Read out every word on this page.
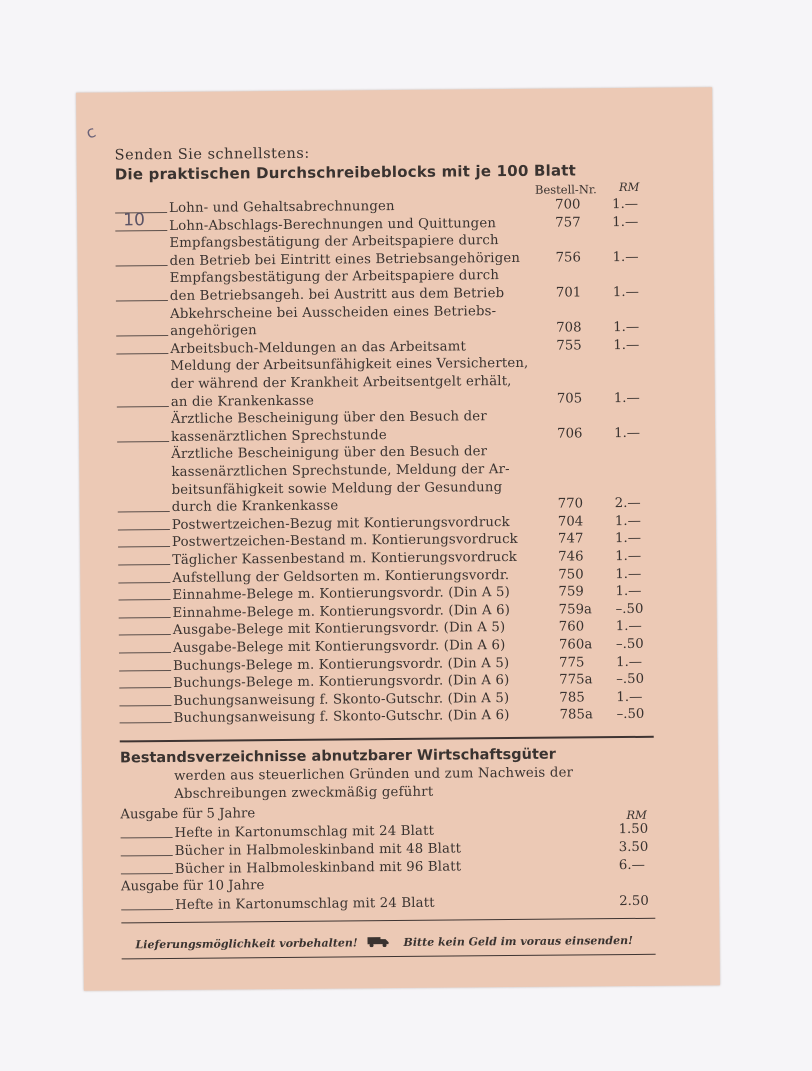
c
Senden Sie schnellstens:
Die praktischen Durchschreibeblocks mit je 100 Blatt
Bestell-Nr. RM
Lohn- und Gehaltsabrechnungen	700 1.—
10 Lohn-Abschlags-Berechnungen und Quittungen	757 1.—
Empfangsbestätigung der Arbeitspapiere durch
den Betrieb bei Eintritt eines Betriebsangehörigen	756 1.—
Empfangsbestätigung der Arbeitspapiere durch
den Betriebsangeh. bei Austritt aus dem Betrieb	701 1.—
Abkehrscheine bei Ausscheiden eines Betriebs-
angehörigen	708 1.—
Arbeitsbuch-Meldungen an das Arbeitsamt	755 1.—
Meldung der Arbeitsunfähigkeit eines Versicherten,
der während der Krankheit Arbeitsentgelt erhält,
an die Krankenkasse	705 1.—
Ärztliche Bescheinigung über den Besuch der
kassenärztlichen Sprechstunde	706 1.—
Ärztliche Bescheinigung über den Besuch der
kassenärztlichen Sprechstunde, Meldung der Ar-
beitsunfähigkeit sowie Meldung der Gesundung
durch die Krankenkasse	770 2.—
Postwertzeichen-Bezug mit Kontierungsvordruck	704 1.—
Postwertzeichen-Bestand m. Kontierungsvordruck	747 1.—
Täglicher Kassenbestand m. Kontierungsvordruck	746 1.—
Aufstellung der Geldsorten m. Kontierungsvordr.	750 1.—
Einnahme-Belege m. Kontierungsvordr. (Din A 5)	759 1.—
Einnahme-Belege m. Kontierungsvordr. (Din A 6)	759a –.50
Ausgabe-Belege mit Kontierungsvordr. (Din A 5)	760 1.—
Ausgabe-Belege mit Kontierungsvordr. (Din A 6)	760a –.50
Buchungs-Belege m. Kontierungsvordr. (Din A 5)	775 1.—
Buchungs-Belege m. Kontierungsvordr. (Din A 6)	775a –.50
Buchungsanweisung f. Skonto-Gutschr. (Din A 5)	785 1.—
Buchungsanweisung f. Skonto-Gutschr. (Din A 6)	785a –.50
Bestandsverzeichnisse abnutzbarer Wirtschaftsgüter
werden aus steuerlichen Gründen und zum Nachweis der
Abschreibungen zweckmäßig geführt
Ausgabe für 5 Jahre	RM
Hefte in Kartonumschlag mit 24 Blatt	1.50
Bücher in Halbmoleskinband mit 48 Blatt	3.50
Bücher in Halbmoleskinband mit 96 Blatt	6.—
Ausgabe für 10 Jahre
Hefte in Kartonumschlag mit 24 Blatt	2.50
Lieferungsmöglichkeit vorbehalten!	Bitte kein Geld im voraus einsenden!
